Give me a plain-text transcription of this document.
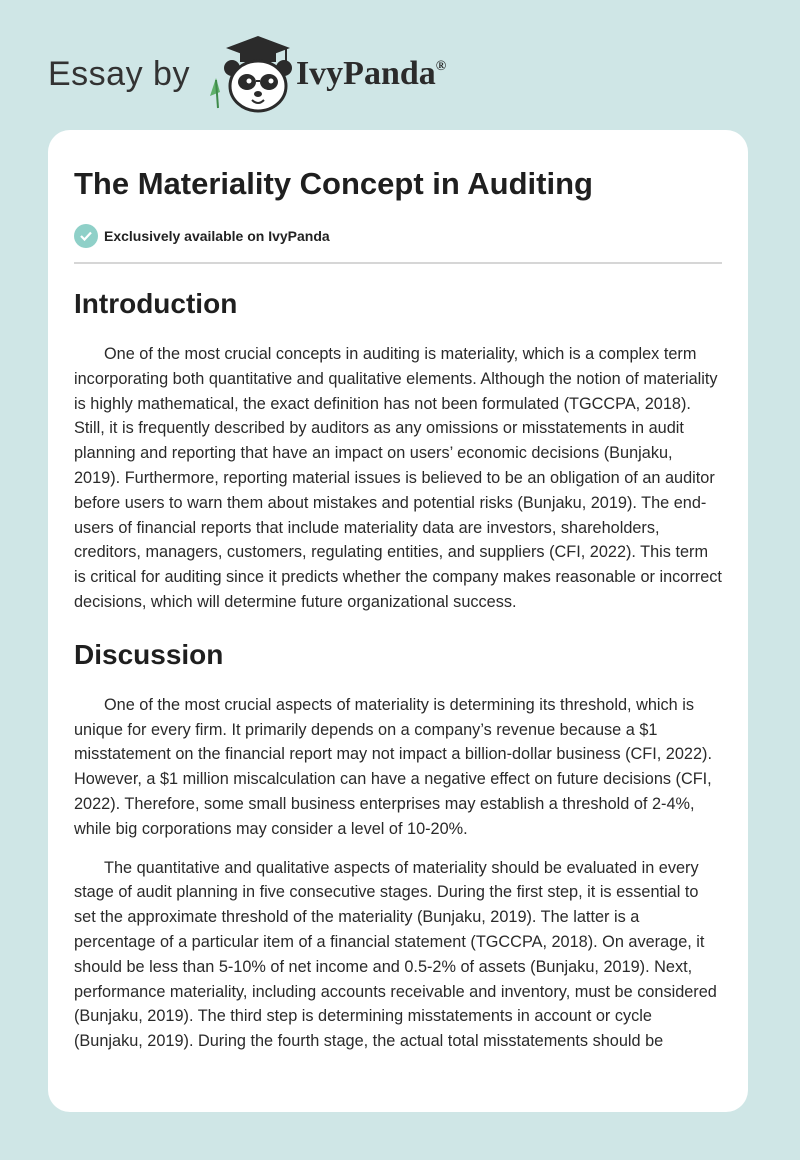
Essay by	IvyPanda®
The Materiality Concept in Auditing
Exclusively available on IvyPanda
Introduction

One of the most crucial concepts in auditing is materiality, which is a complex term incorporating both quantitative and qualitative elements. Although the notion of materiality is highly mathematical, the exact definition has not been formulated (TGCCPA, 2018). Still, it is frequently described by auditors as any omissions or misstatements in audit planning and reporting that have an impact on users’ economic decisions (Bunjaku, 2019). Furthermore, reporting material issues is believed to be an obligation of an auditor before users to warn them about mistakes and potential risks (Bunjaku, 2019). The end-users of financial reports that include materiality data are investors, shareholders, creditors, managers, customers, regulating entities, and suppliers (CFI, 2022). This term is critical for auditing since it predicts whether the company makes reasonable or incorrect decisions, which will determine future organizational success.

Discussion

One of the most crucial aspects of materiality is determining its threshold, which is unique for every firm. It primarily depends on a company’s revenue because a $1 misstatement on the financial report may not impact a billion-dollar business (CFI, 2022). However, a $1 million miscalculation can have a negative effect on future decisions (CFI, 2022). Therefore, some small business enterprises may establish a threshold of 2-4%, while big corporations may consider a level of 10-20%.

The quantitative and qualitative aspects of materiality should be evaluated in every stage of audit planning in five consecutive stages. During the first step, it is essential to set the approximate threshold of the materiality (Bunjaku, 2019). The latter is a percentage of a particular item of a financial statement (TGCCPA, 2018). On average, it should be less than 5-10% of net income and 0.5-2% of assets (Bunjaku, 2019). Next, performance materiality, including accounts receivable and inventory, must be considered (Bunjaku, 2019). The third step is determining misstatements in account or cycle (Bunjaku, 2019). During the fourth stage, the actual total misstatements should be
